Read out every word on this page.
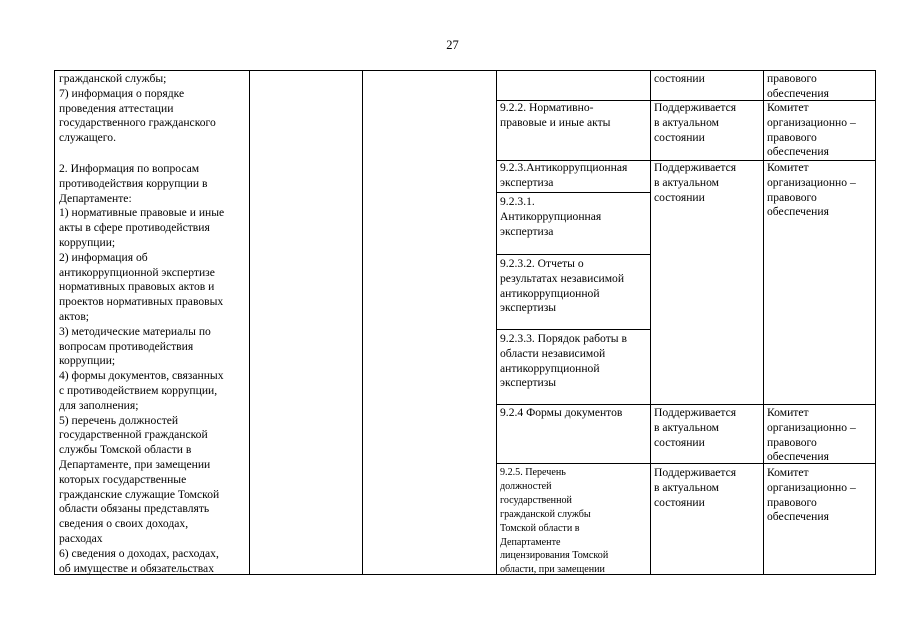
27
гражданской службы;
7) информация о порядке
проведения аттестации
государственного гражданского
служащего.
2. Информация по вопросам
противодействия коррупции в
Департаменте:
1) нормативные правовые и иные
акты в сфере противодействия
коррупции;
2) информация об
антикоррупционной экспертизе
нормативных правовых актов и
проектов нормативных правовых
актов;
3) методические материалы по
вопросам противодействия
коррупции;
4) формы документов, связанных
с противодействием коррупции,
для заполнения;
5) перечень должностей
государственной гражданской
службы Томской области в
Департаменте, при замещении
которых государственные
гражданские служащие Томской
области обязаны представлять
сведения о своих доходах,
расходах
6) сведения о доходах, расходах,
об имуществе и обязательствах
состоянии	правового
обеспечения
9.2.2. Нормативно-
правовые и иные акты
Поддерживается
в актуальном
состоянии
Комитет
организационно –
правового
обеспечения
9.2.3.Антикоррупционная
экспертиза
Поддерживается
в актуальном
состоянии
Комитет
организационно –
правового
обеспечения
9.2.3.1.
Антикоррупционная
экспертиза
9.2.3.2. Отчеты о
результатах независимой
антикоррупционной
экспертизы
9.2.3.3. Порядок работы в
области независимой
антикоррупционной
экспертизы
9.2.4 Формы документов	Поддерживается
в актуальном
состоянии
Комитет
организационно –
правового
обеспечения
9.2.5. Перечень
должностей
государственной
гражданской службы
Томской области в
Департаменте
лицензирования Томской
области, при замещении
Поддерживается
в актуальном
состоянии
Комитет
организационно –
правового
обеспечения
